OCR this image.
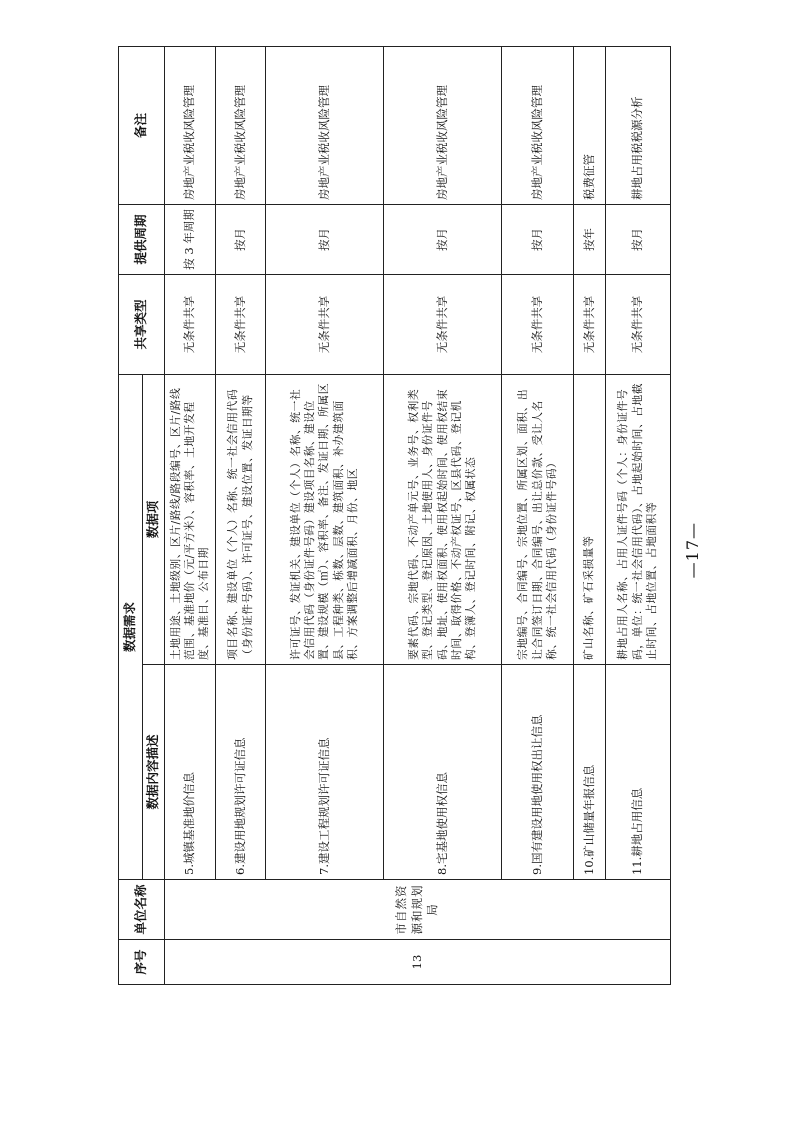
序号	单位名称	数据需求		共享类型	提供周期	备注
		数据内容描述	数据项			
13	市自然资源和规划局	5.城镇基准地价信息	土地用途、土地级别、区片/路线/路段编号、区片/路线范围、基准地价（元/平方米）、容积率、土地开发程度、基准日、公布日期	无条件共享	按 3 年周期	房地产业税收风险管理
		6.建设用地规划许可证信息	项目名称、建设单位（个人）名称、统一社会信用代码（身份证件号码）、许可证号、建设位置、发证日期等	无条件共享	按月	房地产业税收风险管理
		7.建设工程规划许可证信息	许可证号、发证机关、建设单位（个人）名称、统一社会信用代码（身份证件号码）建设项目名称、建设位置、建设规模（㎡）、容积率、备注、发证日期、所属区县、工程种类、栋数、层数、建筑面积、补办建筑面积、方案调整后增减面积、月份、地区	无条件共享	按月	房地产业税收风险管理
		8.宅基地使用权信息	要素代码、宗地代码、不动产单元号、业务号、权利类型、登记类型、登记原因、土地使用人、身份证件号码、地址、使用权面积、使用权起始时间、使用权结束时间、取得价格、不动产权证号、区县代码、登记机构、登簿人、登记时间、附记、权属状态	无条件共享	按月	房地产业税收风险管理
		9.国有建设用地使用权出让信息	宗地编号、合同编号、宗地位置、所属区划、面积、出让合同签订日期、合同编号、出让总价款、受让人名称、统一社会信用代码（身份证件号码）	无条件共享	按月	房地产业税收风险管理
		10.矿山储量年报信息	矿山名称、矿石采损量等	无条件共享	按年	税费征管
		11.耕地占用信息	耕地占用人名称、占用人证件号码（个人：身份证件号码，单位：统一社会信用代码）、占地起始时间、占地截止时间、占地位置、占地面积等	无条件共享	按月	耕地占用税税源分析
—17—
